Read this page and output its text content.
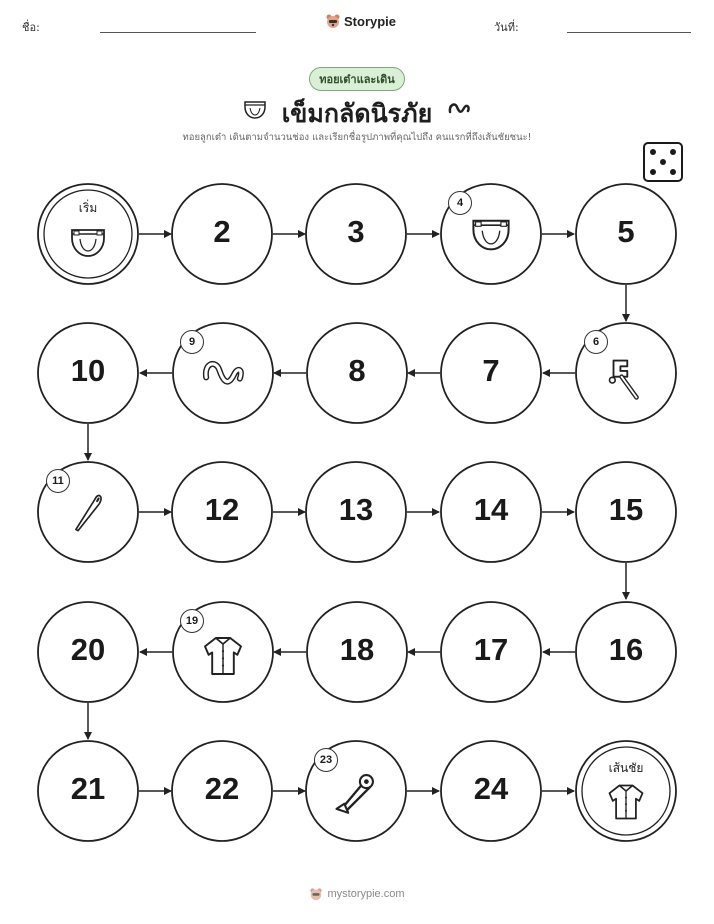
ชื่อ:	Storypie	วันที่:
ทอยเต๋าและเดิน
เข็มกลัดนิรภัย
ทอยลูกเต๋า เดินตามจำนวนช่อง และเรียกชื่อรูปภาพที่คุณไปถึง คนแรกที่ถึงเส้นชัยชนะ!
เริ่ม
เส้นชัย
2	3	5
7
8
10
12	13	14	15
16
17
18
20
21	22	24
4
6
9
11
19
23
mystorypie.com
